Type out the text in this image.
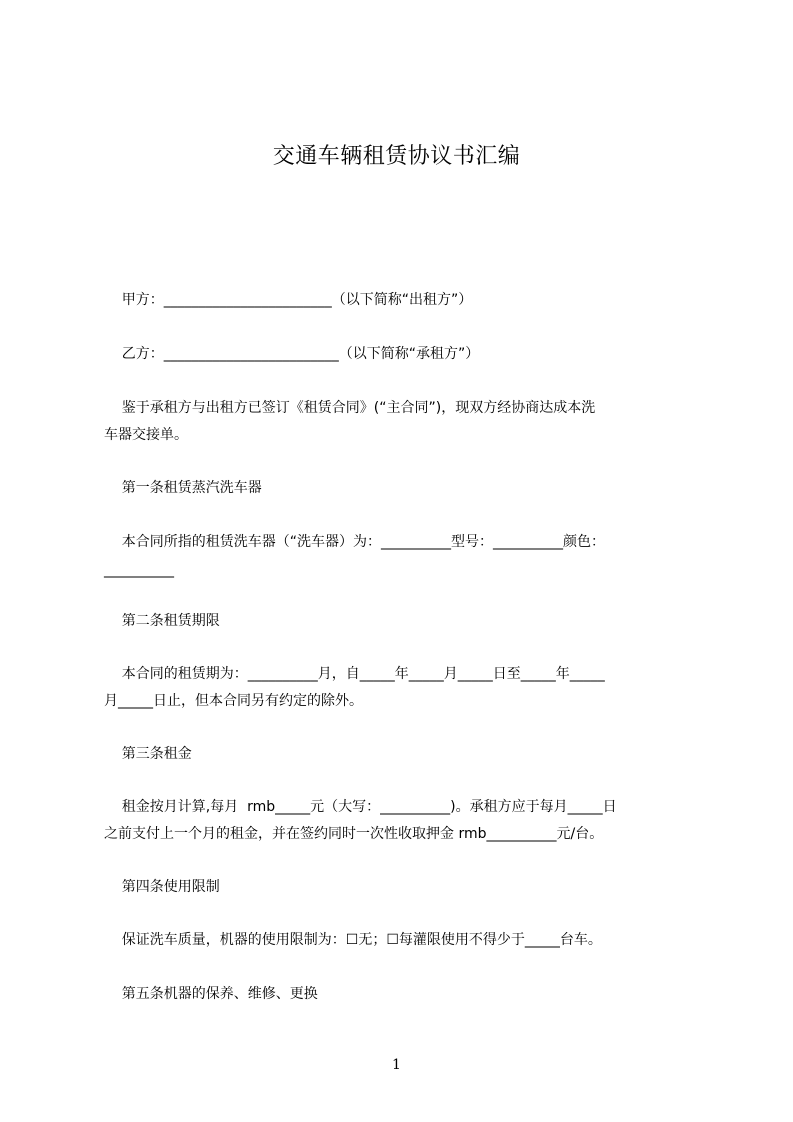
交通车辆租赁协议书汇编
甲方：________________________（以下简称“出租方”）
乙方：_________________________（以下简称“承租方”）
鉴于承租方与出租方已签订《租赁合同》(“主合同”)，现双方经协商达成本洗
车器交接单。
第一条租赁蒸汽洗车器
本合同所指的租赁洗车器（“洗车器）为：__________型号：__________颜色：
__________
第二条租赁期限
本合同的租赁期为：__________月，自_____年_____月_____日至_____年_____
月_____日止，但本合同另有约定的除外。
第三条租金
租金按月计算,每月  rmb_____元（大写：__________)。承租方应于每月_____日
之前支付上一个月的租金，并在签约同时一次性收取押金 rmb__________元/台。
第四条使用限制
保证洗车质量，机器的使用限制为：☐无；☐每灌限使用不得少于_____台车。
第五条机器的保养、维修、更换
1
